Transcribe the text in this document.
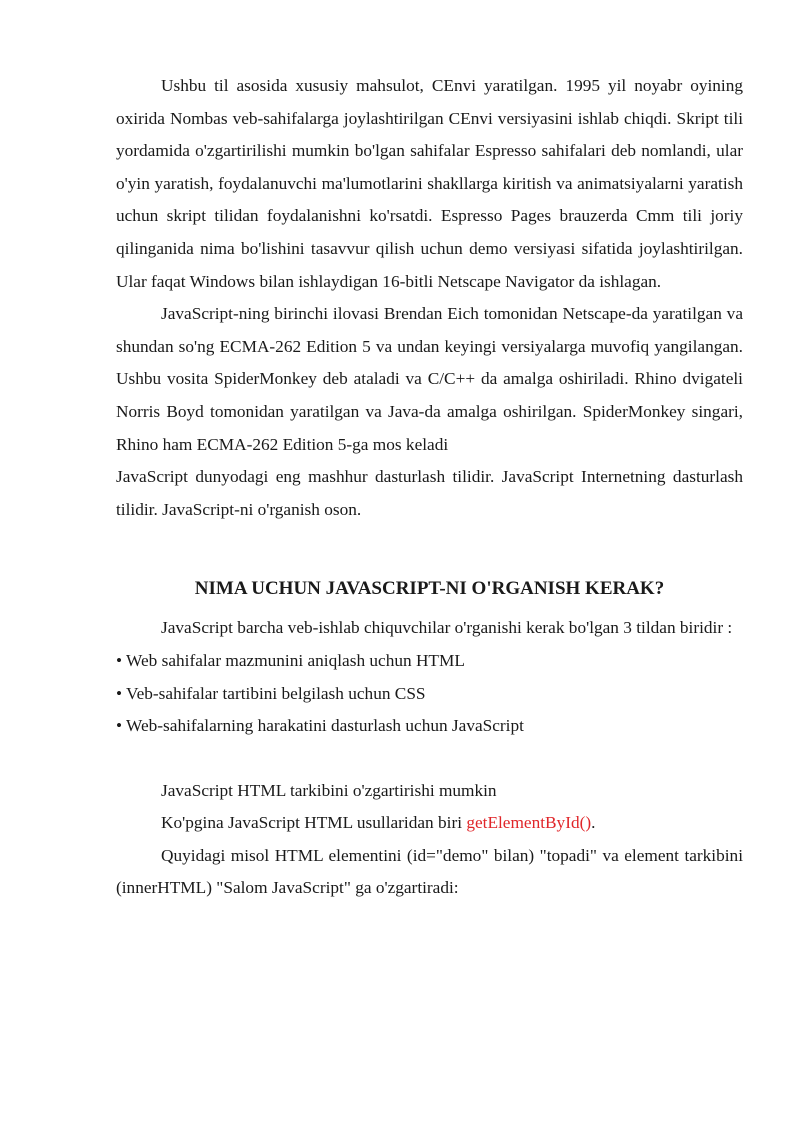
Ushbu til asosida xususiy mahsulot, CEnvi yaratilgan. 1995 yil noyabr oyining oxirida Nombas veb-sahifalarga joylashtirilgan CEnvi versiyasini ishlab chiqdi. Skript tili yordamida o'zgartirilishi mumkin bo'lgan sahifalar Espresso sahifalari deb nomlandi, ular o'yin yaratish, foydalanuvchi ma'lumotlarini shakllarga kiritish va animatsiyalarni yaratish uchun skript tilidan foydalanishni ko'rsatdi. Espresso Pages brauzerda Cmm tili joriy qilinganida nima bo'lishini tasavvur qilish uchun demo versiyasi sifatida joylashtirilgan. Ular faqat Windows bilan ishlaydigan 16-bitli Netscape Navigator da ishlagan.

JavaScript-ning birinchi ilovasi Brendan Eich tomonidan Netscape-da yaratilgan va shundan so'ng ECMA-262 Edition 5 va undan keyingi versiyalarga muvofiq yangilangan. Ushbu vosita SpiderMonkey deb ataladi va C/C++ da amalga oshiriladi. Rhino dvigateli Norris Boyd tomonidan yaratilgan va Java-da amalga oshirilgan. SpiderMonkey singari, Rhino ham ECMA-262 Edition 5-ga mos keladi

JavaScript dunyodagi eng mashhur dasturlash tilidir. JavaScript Internetning dasturlash tilidir. JavaScript-ni o'rganish oson.

NIMA UCHUN JAVASCRIPT-NI O'RGANISH KERAK?

JavaScript barcha veb-ishlab chiquvchilar o'rganishi kerak bo'lgan 3 tildan biridir :

• Web sahifalar mazmunini aniqlash uchun HTML

• Veb-sahifalar tartibini belgilash uchun CSS

• Web-sahifalarning harakatini dasturlash uchun JavaScript

JavaScript HTML tarkibini o'zgartirishi mumkin

Ko'pgina JavaScript HTML usullaridan biri getElementById().

Quyidagi misol HTML elementini (id="demo" bilan) "topadi" va element tarkibini (innerHTML) "Salom JavaScript" ga o'zgartiradi:
